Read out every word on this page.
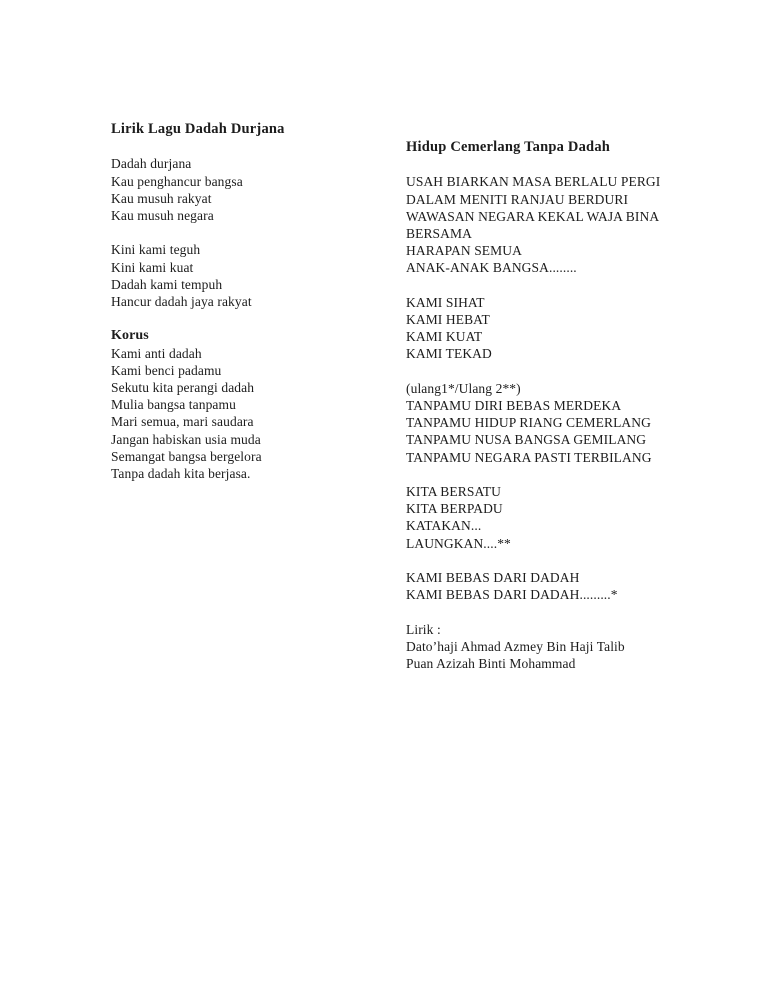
Lirik Lagu Dadah Durjana
Dadah durjana
Kau penghancur bangsa
Kau musuh rakyat
Kau musuh negara
Kini kami teguh
Kini kami kuat
Dadah kami tempuh
Hancur dadah jaya rakyat
Korus
Kami anti dadah
Kami benci padamu
Sekutu kita perangi dadah
Mulia bangsa tanpamu
Mari semua, mari saudara
Jangan habiskan usia muda
Semangat bangsa bergelora
Tanpa dadah kita berjasa.
Hidup Cemerlang Tanpa Dadah
USAH BIARKAN MASA BERLALU PERGI
DALAM MENITI RANJAU BERDURI
WAWASAN NEGARA KEKAL WAJA BINA
BERSAMA
HARAPAN SEMUA
ANAK-ANAK BANGSA........
KAMI SIHAT
KAMI HEBAT
KAMI KUAT
KAMI TEKAD
(ulang1*/Ulang 2**)
TANPAMU DIRI BEBAS MERDEKA
TANPAMU HIDUP RIANG CEMERLANG
TANPAMU NUSA BANGSA GEMILANG
TANPAMU NEGARA PASTI TERBILANG
KITA BERSATU
KITA BERPADU
KATAKAN...
LAUNGKAN....**
KAMI BEBAS DARI DADAH
KAMI BEBAS DARI DADAH.........*
Lirik :
Dato’haji Ahmad Azmey Bin Haji Talib
Puan Azizah Binti Mohammad
